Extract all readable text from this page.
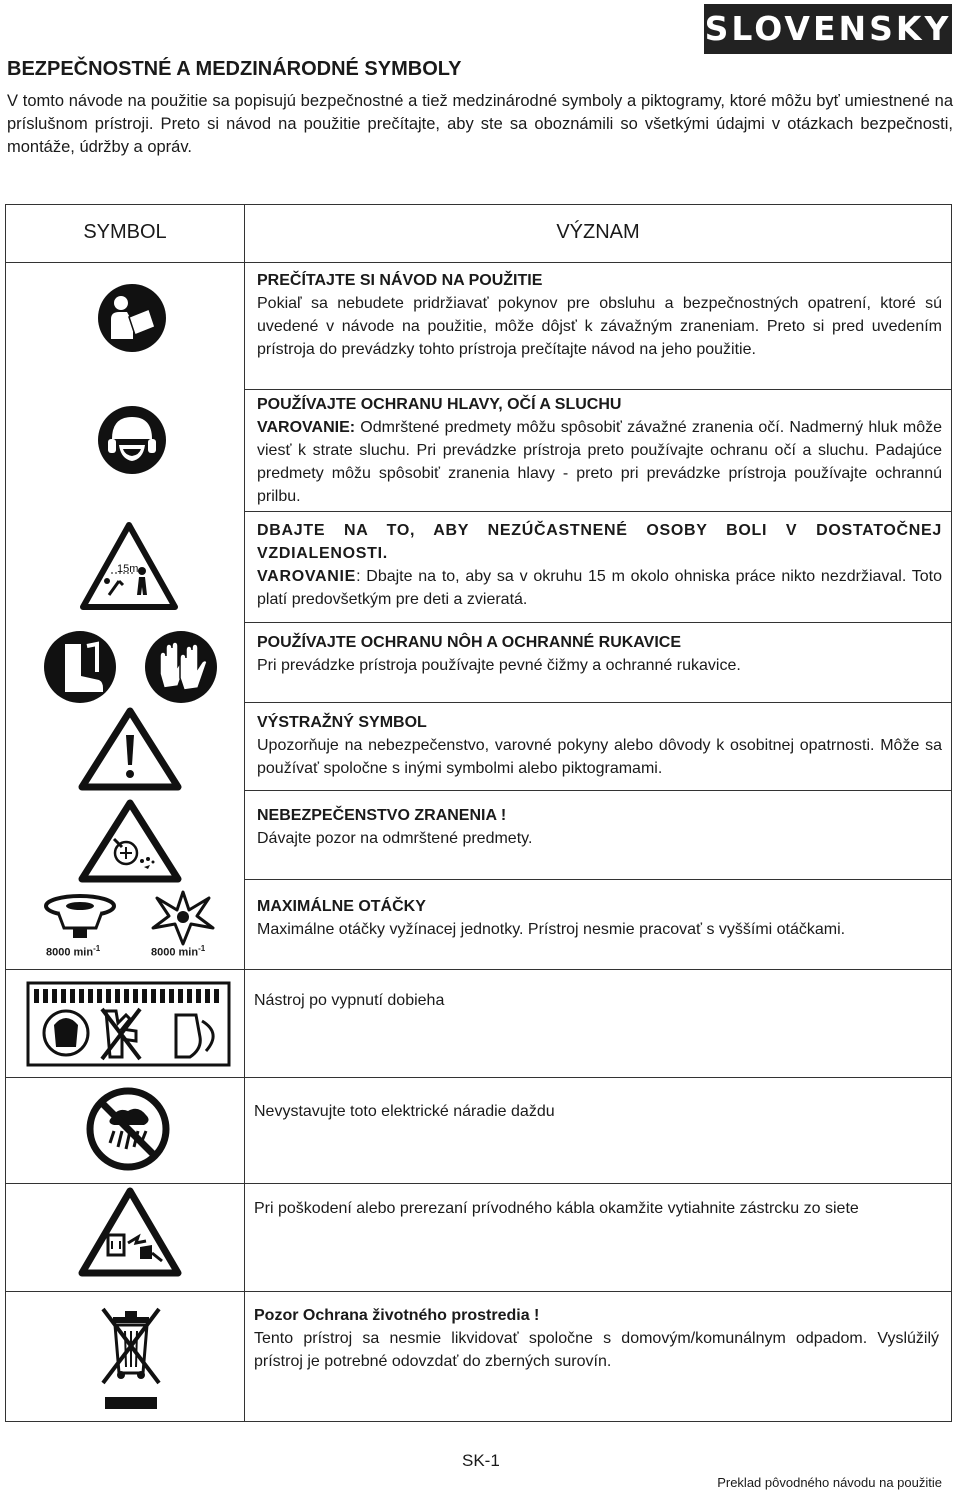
SLOVENSKY
BEZPEČNOSTNÉ A MEDZINÁRODNÉ SYMBOLY
V tomto návode na použitie sa popisujú bezpečnostné a tiež medzinárodné symboly a piktogramy, ktoré môžu byť umiestnené na príslušnom prístroji. Preto si návod na použitie prečítajte, aby ste sa oboznámili so všetkými údajmi v otázkach bezpečnosti, montáže, údržby a opráv.
SYMBOL	VÝZNAM
PREČÍTAJTE SI NÁVOD NA POUŽITIE
Pokiaľ sa nebudete pridržiavať pokynov pre obsluhu a bezpečnostných opatrení, ktoré sú uvedené v návode na použitie, môže dôjsť k závažným zraneniam. Preto si pred uvedením prístroja do prevádzky tohto prístroja prečítajte návod na jeho použitie.
POUŽÍVAJTE OCHRANU HLAVY, OČÍ A SLUCHU
VAROVANIE: Odmrštené predmety môžu spôsobiť závažné zranenia očí. Nadmerný hluk môže viesť k strate sluchu. Pri prevádzke prístroja preto používajte ochranu očí a sluchu. Padajúce predmety môžu spôsobiť zranenia hlavy - preto pri prevádzke prístroja používajte ochrannú prilbu.
15m
DBAJTE NA TO, ABY NEZÚČASTNENÉ OSOBY BOLI V DOSTATOČNEJ VZDIALENOSTI.
VAROVANIE: Dbajte na to, aby sa v okruhu 15 m okolo ohniska práce nikto nezdržiaval. Toto platí predovšetkým pre deti a zvieratá.
POUŽÍVAJTE OCHRANU NÔH A OCHRANNÉ RUKAVICE
Pri prevádzke prístroja používajte pevné čižmy a ochranné rukavice.
VÝSTRAŽNÝ SYMBOL
Upozorňuje na nebezpečenstvo, varovné pokyny alebo dôvody k osobitnej opatrnosti. Môže sa používať spoločne s inými symbolmi alebo piktogramami.
NEBEZPEČENSTVO ZRANENIA !
Dávajte pozor na odmrštené predmety.
8000 $\min^{-1}$	8000 $\min^{-1}$
MAXIMÁLNE OTÁČKY
Maximálne otáčky vyžínacej jednotky. Prístroj nesmie pracovať s vyššími otáčkami.
Nástroj po vypnutí dobieha
Nevystavujte toto elektrické náradie daždu
Pri poškodení alebo prerezaní prívodného kábla okamžite vytiahnite zástrcku zo siete
Pozor Ochrana životného prostredia !
Tento prístroj sa nesmie likvidovať spoločne s domovým/komunálnym odpadom. Vyslúžilý prístroj je potrebné odovzdať do zberných surovín.
SK-1
Preklad pôvodného návodu na použitie
